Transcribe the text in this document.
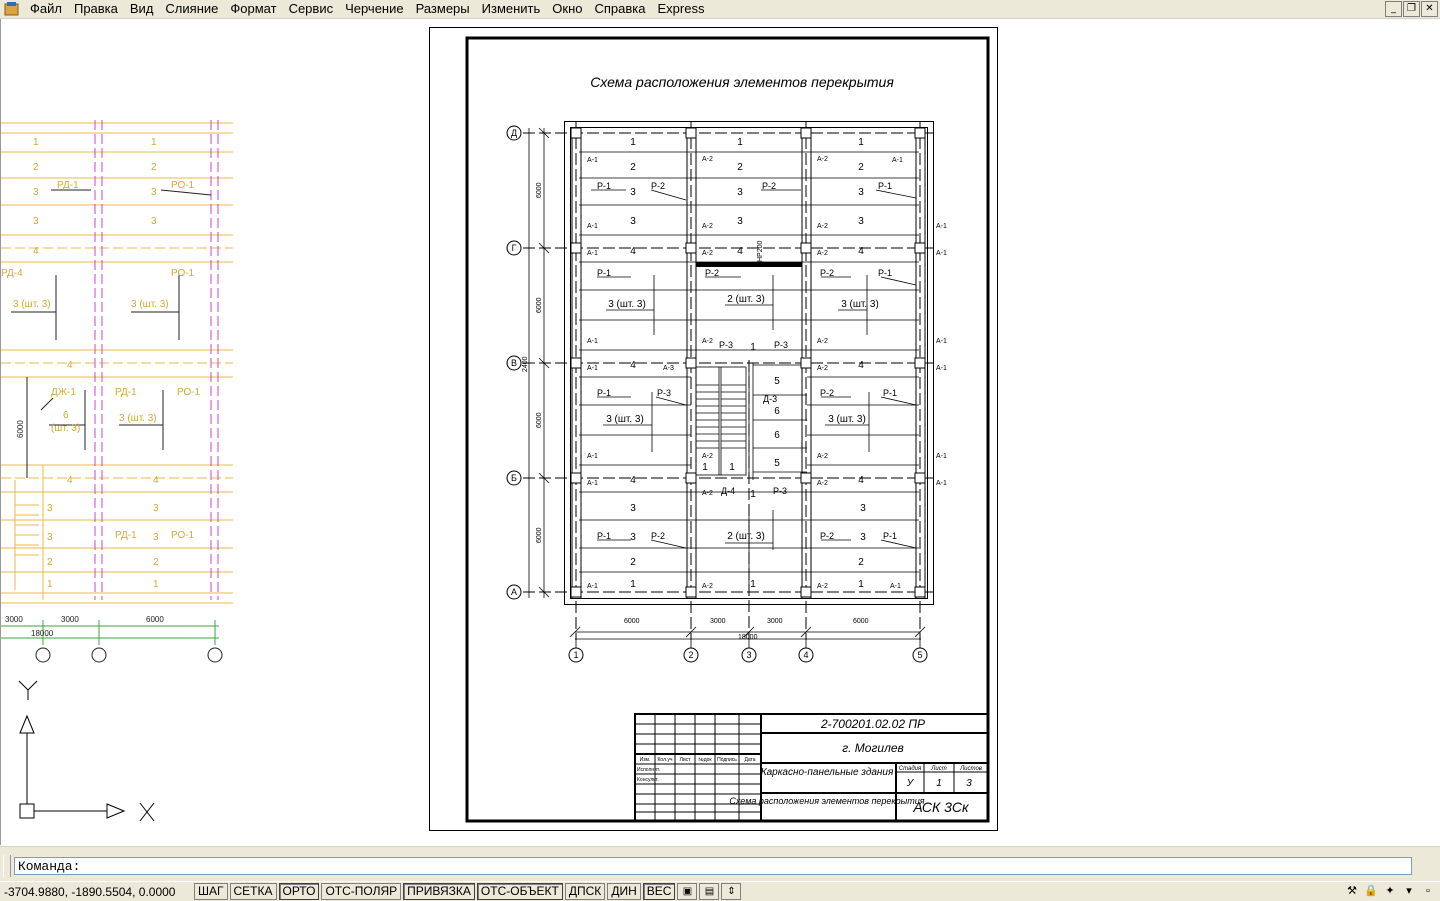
Файл Правка Вид Слияние Формат Сервис Черчение Размеры Изменить Окно Справка Express	_	❐ ✕
1	1
2	2
3	3
3	3
4
3 (шт. 3)	3 (шт. 3)
4
6	3 (шт. 3)
(шт. 3)
4	4
3	3
3	3
2	2
1	1
РД-1	РО-1
РД-4	РО-1
ДЖ-1	РД-1	РО-1
РД-1	РО-1
3000	3000	6000
18000
6000
Схема расположения элементов перекрытия
Д
Г
В
Б
А
1	2	3	4	5
6000
6000
6000
6000
2400
6000	3000	3000	6000
18000
НР200
1	1	1
2	2	2
3	3	3
3	3	3
4	4	4
4	4
4	4
3	3
3	3
2	2
1	1	1
1
1
5
6
6
5
1 1
3 (шт. 3)	2 (шт. 3)	3 (шт. 3)
3 (шт. 3)	3 (шт. 3)
2 (шт. 3)
Р-1	Р-2	Р-2	Р-1
Р-1	Р-2	Р-2	Р-1
Р-3	Р-3
Р-1	Р-3	Р-2	Р-1
Д-3
Д-4	Р-3
Р-1	Р-2	Р-2	Р-1
А-1	А-2	А-2	А-1
А-1	А-2	А-2	А-1
А-1	А-2	А-2	А-1
А-1	А-2	А-2	А-1
А-1	А-3	А-2	А-1
А-1	А-2	А-2	А-1
А-1
А-2
А-2	А-1
А-1	А-2	А-2	А-1
2-700201.02.02 ПР
г. Могилев
Каркасно-панельные здания
Схема расположения элементов перекрытия
АСК 3Ск
Стадия Лист Листов
У 1 3
Изм. Кол.уч Лист №док Подпись Дата
Исполнит.
Консульт.
Команда:
-3704.9880, -1890.5504, 0.0000	ШАГ СЕТКА ОРТО ОТС-ПОЛЯР ПРИВЯЗКА ОТС-ОБЪЕКТ ДПСК ДИН ВЕС	▣	▤	⇕	⚒ 🔒 ✦	▾	▫
